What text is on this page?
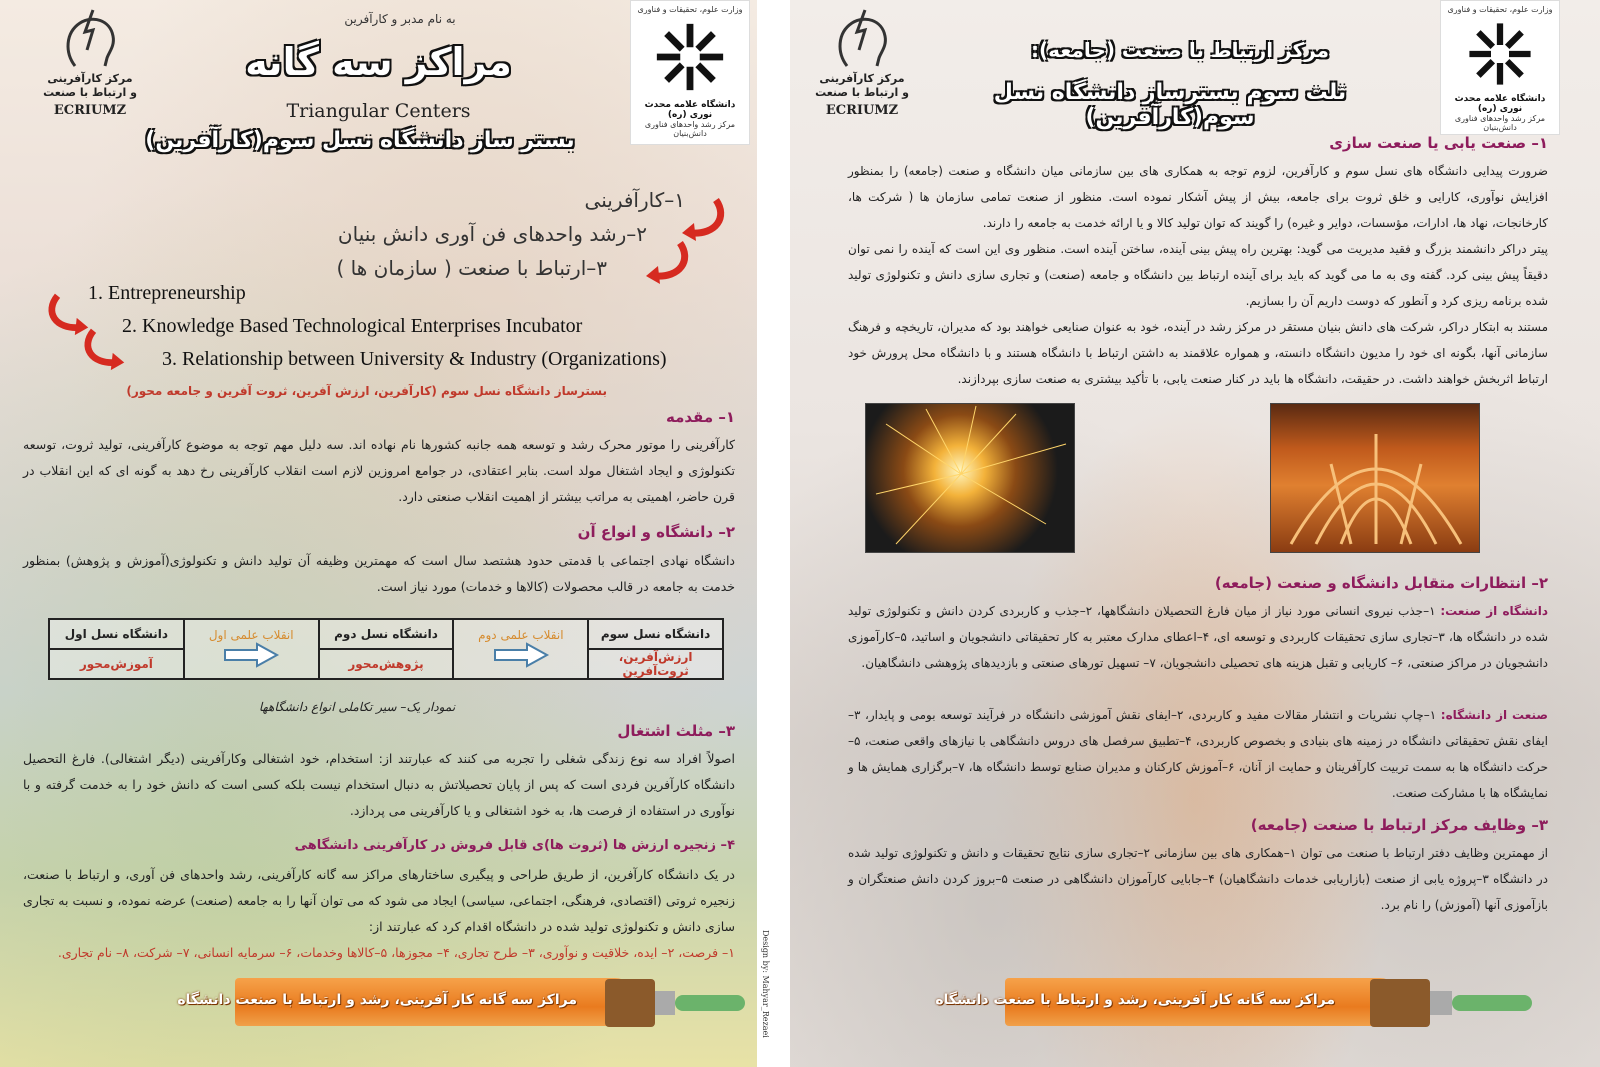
مرکز کارآفرینی
و ارتباط با صنعت
ECRIUMZ
به نام مدبر و کارآفرین
مراکز سه گانه
Triangular Centers
بستر ساز دانشگاه نسل سوم(کارآفرین)
وزارت علوم، تحقیقات و فناوری
دانشگاه علامه محدث نوری (ره)
مرکز رشد واحدهای فناوری دانش‌بنیان
۱–کارآفرینی
۲–رشد واحدهای فن آوری دانش بنیان
۳–ارتباط با صنعت ( سازمان ها )
1. Entrepreneurship
2. Knowledge Based Technological Enterprises Incubator
3. Relationship between University & Industry (Organizations)
بسترساز دانشگاه نسل سوم (کارآفرین، ارزش آفرین، ثروت آفرین و جامعه محور)
۱– مقدمه
کارآفرینی را موتور محرک رشد و توسعه همه جانبه کشورها نام نهاده اند. سه دلیل مهم توجه به موضوع کارآفرینی، تولید ثروت، توسعه تکنولوژی و ایجاد اشتغال مولد است. بنابر اعتقادی، در جوامع امروزین لازم است انقلاب کارآفرینی رخ دهد به گونه ای که این انقلاب در قرن حاضر، اهمیتی به مراتب بیشتر از اهمیت انقلاب صنعتی دارد.
۲– دانشگاه و انواع آن
دانشگاه نهادی اجتماعی با قدمتی حدود هشتصد سال است که مهمترین وظیفه آن تولید دانش و تکنولوژی(آموزش و پژوهش) بمنظور خدمت به جامعه در قالب محصولات (کالاها و خدمات) مورد نیاز است.
دانشگاه نسل سوم	انقلاب علمی دوم	دانشگاه نسل دوم	انقلاب علمی اول	دانشگاه نسل اول
ارزش‌آفرین، ثروت‌آفرین		پژوهش‌محور		آموزش‌محور
نمودار یک– سیر تکاملی انواع دانشگاهها
۳– مثلث اشتغال
اصولاً افراد سه نوع زندگی شغلی را تجربه می کنند که عبارتند از: استخدام، خود اشتغالی وکارآفرینی (دیگر اشتغالی). فارغ التحصیل دانشگاه کارآفرین فردی است که پس از پایان تحصیلاتش به دنبال استخدام نیست بلکه کسی است که دانش خود را به خدمت گرفته و با نوآوری در استفاده از فرصت ها، به خود اشتغالی و یا کارآفرینی می پردازد.
۴– زنجیره ارزش ها (ثروت ها)ی قابل فروش در کارآفرینی دانشگاهی
در یک دانشگاه کارآفرین، از طریق طراحی و پیگیری ساختارهای مراکز سه گانه کارآفرینی، رشد واحدهای فن آوری، و ارتباط با صنعت، زنجیره ثروتی (اقتصادی، فرهنگی، اجتماعی، سیاسی) ایجاد می شود که می توان آنها را به جامعه (صنعت) عرضه نموده، و نسبت به تجاری سازی دانش و تکنولوژی تولید شده در دانشگاه اقدام کرد که عبارتند از:
۱– فرصت، ۲– ایده، خلاقیت و نوآوری، ۳– طرح تجاری، ۴– مجوزها، ۵–کالاها وخدمات، ۶– سرمایه انسانی، ۷– شرکت، ۸– نام تجاری.
مراکز سه گانه کار آفرینی، رشد و ارتباط با صنعت دانشگاه	Design by: Mahyar_Rezaei
مرکز کارآفرینی
و ارتباط با صنعت
ECRIUMZ
مرکز ارتباط با صنعت (جامعه):
ثلث سوم بسترساز دانشگاه نسل سوم(کارآفرین)
وزارت علوم، تحقیقات و فناوری
دانشگاه علامه محدث نوری (ره)
مرکز رشد واحدهای فناوری دانش‌بنیان
۱– صنعت یابی یا صنعت سازی
ضرورت پیدایی دانشگاه های نسل سوم و کارآفرین، لزوم توجه به همکاری های بین سازمانی میان دانشگاه و صنعت (جامعه) را بمنظور افزایش نوآوری، کارایی و خلق ثروت برای جامعه، بیش از پیش آشکار نموده است. منظور از صنعت تمامی سازمان ها ( شرکت ها، کارخانجات، نهاد ها، ادارات، مؤسسات، دوایر و غیره) را گویند که توان تولید کالا و یا ارائه خدمت به جامعه را دارند.
پیتر دراکر دانشمند بزرگ و فقید مدیریت می گوید: بهترین راه پیش بینی آینده، ساختن آینده است. منظور وی این است که آینده را نمی توان دقیقاً پیش بینی کرد. گفته وی به ما می گوید که باید برای آینده ارتباط بین دانشگاه و جامعه (صنعت) و تجاری سازی دانش و تکنولوژی تولید شده برنامه ریزی کرد و آنطور که دوست داریم آن را بسازیم.
مستند به ابتکار دراکر، شرکت های دانش بنیان مستقر در مرکز رشد در آینده، خود به عنوان صنایعی خواهند بود که مدیران، تاریخچه و فرهنگ سازمانی آنها، بگونه ای خود را مدیون دانشگاه دانسته، و همواره علاقمند به داشتن ارتباط با دانشگاه هستند و با دانشگاه محل پرورش خود ارتباط اثربخش خواهند داشت. در حقیقت، دانشگاه ها باید در کنار صنعت یابی، با تأکید بیشتری به صنعت سازی بپردازند.
۲– انتظارات متقابل دانشگاه و صنعت (جامعه)
دانشگاه از صنعت: ۱–جذب نیروی انسانی مورد نیاز از میان فارغ التحصیلان دانشگاهها، ۲–جذب و کاربردی کردن دانش و تکنولوژی تولید شده در دانشگاه ها، ۳–تجاری سازی تحقیقات کاربردی و توسعه ای، ۴–اعطای مدارک معتبر به کار تحقیقاتی دانشجویان و اساتید، ۵–کارآموزی دانشجویان در مراکز صنعتی، ۶– کاریابی و تقبل هزینه های تحصیلی دانشجویان، ۷– تسهیل تورهای صنعتی و بازدیدهای پژوهشی دانشگاهیان.
صنعت از دانشگاه: ۱–چاپ نشریات و انتشار مقالات مفید و کاربردی، ۲–ایفای نقش آموزشی دانشگاه در فرآیند توسعه بومی و پایدار، ۳–ایفای نقش تحقیقاتی دانشگاه در زمینه های بنیادی و بخصوص کاربردی، ۴–تطبیق سرفصل های دروس دانشگاهی با نیازهای واقعی صنعت، ۵–حرکت دانشگاه ها به سمت تربیت کارآفرینان و حمایت از آنان، ۶–آموزش کارکنان و مدیران صنایع توسط دانشگاه ها، ۷–برگزاری همایش ها و نمایشگاه ها با مشارکت صنعت.
۳– وظایف مرکز ارتباط با صنعت (جامعه)
از مهمترین وظایف دفتر ارتباط با صنعت می توان ۱–همکاری های بین سازمانی ۲–تجاری سازی نتایج تحقیقات و دانش و تکنولوژی تولید شده در دانشگاه ۳–پروژه یابی از صنعت (بازاریابی خدمات دانشگاهیان) ۴–جابایی کارآموزان دانشگاهی در صنعت ۵–بروز کردن دانش صنعتگران و بازآموزی آنها (آموزش) را نام برد.
مراکز سه گانه کار آفرینی، رشد و ارتباط با صنعت دانشگاه
